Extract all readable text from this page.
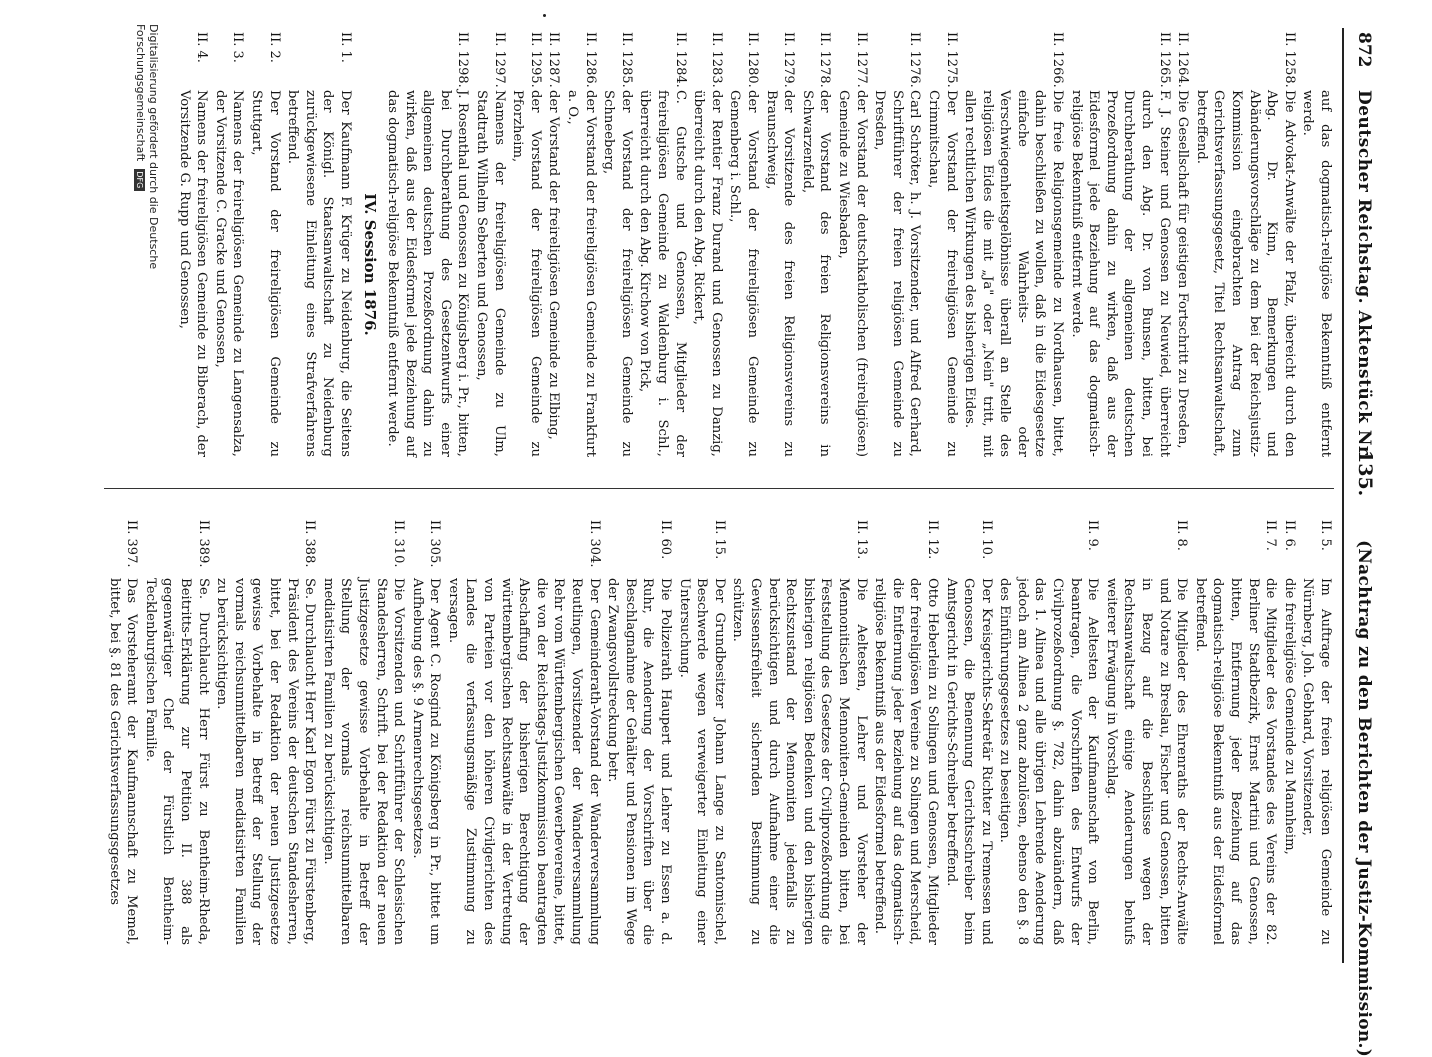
872
Deutscher Reichstag. Aktenstück Nr.
135.
(Nachtrag zu den Berichten der Justiz-Kommission.)
auf das dogmatisch-religiöse Bekenntniß entfernt werde.
II. 1258.
Die Advokat-Anwälte der Pfalz, übereicht durch den Abg. Dr. Kinn, Bemerkungen und Abänderungsvorschläge zu dem bei der Reichsjustiz-Kommission eingebrachten Antrag zum Gerichtsverfassungsgesetz, Titel Rechtsanwaltschaft, betreffend.
II. 1264.
Die Gesellschaft für geistigen Fortschritt zu Dresden,
II. 1265.
F. J. Steiner und Genossen zu Neuwied, überreicht durch den Abg. Dr. von Bunsen, bitten, bei Durchberathung der allgemeinen deutschen Prozeßordnung dahin zu wirken, daß aus der Eidesformel jede Beziehung auf das dogmatisch-religiöse Bekenntniß entfernt werde.
II. 1266.
Die freie Religionsgemeinde zu Nordhausen, bittet, dahin beschließen zu wollen, daß in die Eidesgesetze einfache Wahrheits- oder Verschwiegenheitsgelöbnisse überall an Stelle des religiösen Eides die mit „Ja" oder „Nein" tritt, mit allen rechtlichen Wirkungen des bisherigen Eides.
II. 1275.
Der Vorstand der freireligiösen Gemeinde zu Crimmitschau,
II. 1276.
Carl Schröter, h. J. Vorsitzender, und Alfred Gerhard, Schriftführer der freien religiösen Gemeinde zu Dresden,
II. 1277.
der Vorstand der deutschkatholischen (freireligiösen) Gemeinde zu Wiesbaden,
II. 1278.
der Vorstand des freien Religionsvereins in Schwarzenfeld,
II. 1279.
der Vorsitzende des freien Religionsvereins zu Braunschweig,
II. 1280.
der Vorstand der freireligiösen Gemeinde zu Gemenberg i. Schl.,
II. 1283.
der Rentier Franz Durand und Genossen zu Danzig, überreicht durch den Abg. Rickert,
II. 1284.
C. Gutsche und Genossen, Mitglieder der freireligiösen Gemeinde zu Waldenburg i. Schl., überreicht durch den Abg. Kirchow von Pick,
II. 1285.
der Vorstand der freireligiösen Gemeinde zu Schneeberg,
II. 1286.
der Vorstand der freireligiösen Gemeinde zu Frankfurt a. O.,
II. 1287.
der Vorstand der freireligiösen Gemeinde zu Elbing,
II. 1295.
der Vorstand der freireligiösen Gemeinde zu Pforzheim,
II. 1297.
Namens der freireligiösen Gemeinde zu Ulm, Stadtrath Wilhelm Seberten und Genossen,
II. 1298.
J. Rosenthal und Genossen zu Königsberg i. Pr., bitten, bei Durchberathung des Gesetzentwurfs einer allgemeinen deutschen Prozeßordnung dahin zu wirken, daß aus der Eidesformel jede Beziehung auf das dogmatisch-religiöse Bekenntniß entfernt werde.
IV. Session 1876.
II. 1.
Der Kaufmann F. Krüger zu Neidenburg, die Seitens der Königl. Staatsanwaltschaft zu Neidenburg zurückgewiesene Einleitung eines Strafverfahrens betreffend.
II. 2.
Der Vorstand der freireligiösen Gemeinde zu Stuttgart,
II. 3.
Namens der freireligiösen Gemeinde zu Langensalza, der Vorsitzende C. Gracke und Genossen,
II. 4.
Namens der freireligiösen Gemeinde zu Biberach, der Vorsitzende G. Rupp und Genossen,
II. 5.
Im Auftrage der freien religiösen Gemeinde zu Nürnberg, Joh. Gebhard, Vorsitzender,
II. 6.
die freireligiöse Gemeinde zu Mannheim,
II. 7.
die Mitglieder des Vorstandes des Vereins der 82. Berliner Stadtbezirk, Ernst Martini und Genossen, bitten, Entfernung jeder Beziehung auf das dogmatisch-religiöse Bekenntniß aus der Eidesformel betreffend.
II. 8.
Die Mitglieder des Ehrenraths der Rechts-Anwälte und Notare zu Breslau, Fischer und Genossen, bitten in Bezug auf die Beschlüsse wegen der Rechtsanwaltschaft einige Aenderungen behufs weiterer Erwägung in Vorschlag.
II. 9.
Die Aeltesten der Kaufmannschaft von Berlin, beantragen, die Vorschriften des Entwurfs der Civilprozeßordnung §. 782, dahin abzuändern, daß das 1. Alinea und alle übrigen Lehrende Aenderung jedoch am Alinea 2 ganz abzulösen, ebenso den §. 8 des Einführungsgesetzes zu beseitigen.
II. 10.
Der Kreisgerichts-Sekretär Richter zu Tremessen und Genossen, die Benennung Gerichtsschreiber beim Amtsgericht in Gerichts-Schreiber betreffend.
II. 12.
Otto Heberlein zu Solingen und Genossen, Mitglieder der freireligiösen Vereine zu Solingen und Merscheid, die Entfernung jeder Beziehung auf das dogmatisch-religiöse Bekenntniß aus der Eidesformel betreffend.
II. 13.
Die Aeltesten, Lehrer und Vorsteher der Mennonitischen Mennoniten-Gemeinden bitten, bei Feststellung des Gesetzes der Civilprozeßordnung die bisherigen religiösen Bedenken und den bisherigen Rechtszustand der Mennoniten jedenfalls zu berücksichtigen und durch Aufnahme einer die Gewissensfreiheit sichernden Bestimmung zu schützen.
II. 15.
Der Grundbesitzer Johann Lange zu Santomischel, Beschwerde wegen verweigerter Einleitung einer Untersuchung.
II. 60.
Die Polizeirath Haupert und Lehrer zu Essen a. d. Ruhr, die Aenderung der Vorschriften über die Beschlagnahme der Gehälter und Pensionen im Wege der Zwangsvollstreckung betr.
II. 304.
Der Gemeinderath-Vorstand der Wanderversammlung Reutlingen, Vorsitzender der Wanderversammlung Rehr vom Württembergischen Gewerbevereine, bittet, die von der Reichstags-Justizkommission beantragten Abschaffung der bisherigen Berechtigung der württembergischen Rechtsanwälte in der Vertretung von Parteien vor den höheren Civilgerichten des Landes die verfassungsmäßige Zustimmung zu versagen.
II. 305.
Der Agent C. Rosgind zu Königsberg in Pr., bittet um Aufhebung des §. 9 Armenrechtsgesetzes.
II. 310.
Die Vorsitzenden und Schriftführer der Schlesischen Standesherren, Schrift. bei der Redaktion der neuen Justizgesetze gewisse Vorbehalte in Betreff der Stellung der vormals reichsunmittelbaren mediatisirten Familien zu berücksichtigen.
II. 388.
Se. Durchlaucht Herr Karl Egon Fürst zu Fürstenberg, Präsident des Vereins der deutschen Standesherren, bittet, bei der Redaktion der neuen Justizgesetze gewisse Vorbehalte in Betreff der Stellung der vormals reichsunmittelbaren mediatisirten Familien zu berücksichtigen.
II. 389.
Se. Durchlaucht Herr Fürst zu Bentheim-Rheda, Beitritts-Erklärung zur Petition II. 388 als gegenwärtiger Chef der Fürstlich Bentheim-Tecklenburgischen Familie.
II. 397.
Das Vorsteheramt der Kaufmannschaft zu Memel, bittet, bei §. 81 des Gerichtsverfassungsgesetzes
Digitalisierung gefördert durch die Deutsche Forschungsgemeinschaft DFG
